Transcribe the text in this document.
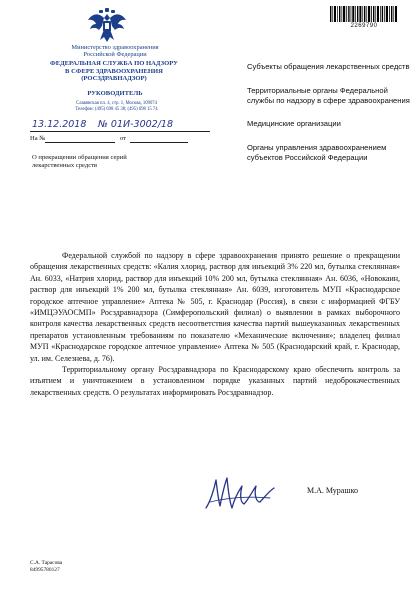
Министерство здравоохранения
Российской Федерации
ФЕДЕРАЛЬНАЯ СЛУЖБА ПО НАДЗОРУ
В СФЕРЕ ЗДРАВООХРАНЕНИЯ
(РОСЗДРАВНАДЗОР)
РУКОВОДИТЕЛЬ
Славянская пл. 4, стр. 1, Москва, 109074
Телефон: (495) 698 45 38; (495) 698 15 74
13.12.2018 № 01И-3002/18
На №	от
О прекращении обращения серий лекарственных средств
2269790
Субъекты обращения лекарственных средств
Территориальные органы Федеральной службы по надзору в сфере здравоохранения
Медицинские организации
Органы управления здравоохранением субъектов Российской Федерации

Федеральной службой по надзору в сфере здравоохранения принято решение о прекращении обращения лекарственных средств: «Калия хлорид, раствор для инъекций 3% 220 мл, бутылка стеклянная» Ан. 6033, «Натрия хлорид, раствор для инъекций 10% 200 мл, бутылка стеклянная» Ан. 6036, «Новокаин, раствор для инъекций 1% 200 мл, бутылка стеклянная» Ан. 6039, изготовитель МУП «Краснодарское городское аптечное управление» Аптека № 505, г. Краснодар (Россия), в связи с информацией ФГБУ «ИМЦЭУАОСМП» Росздравнадзора (Симферопольский филиал) о выявлении в рамках выборочного контроля качества лекарственных средств несоответствия качества партий вышеуказанных лекарственных препаратов установленным требованиям по показателю «Механические включения»; владелец филиал МУП «Краснодарское городское аптечное управление» Аптека № 505 (Краснодарский край, г. Краснодар, ул. им. Селезнева, д. 76).

Территориальному органу Росздравнадзора по Краснодарскому краю обеспечить контроль за изъятием и уничтожением в установленном порядке указанных партий недоброкачественных лекарственных средств. О результатах информировать Росздравнадзор.

М.А. Мурашко
С.А. Тарасова
84995780127
